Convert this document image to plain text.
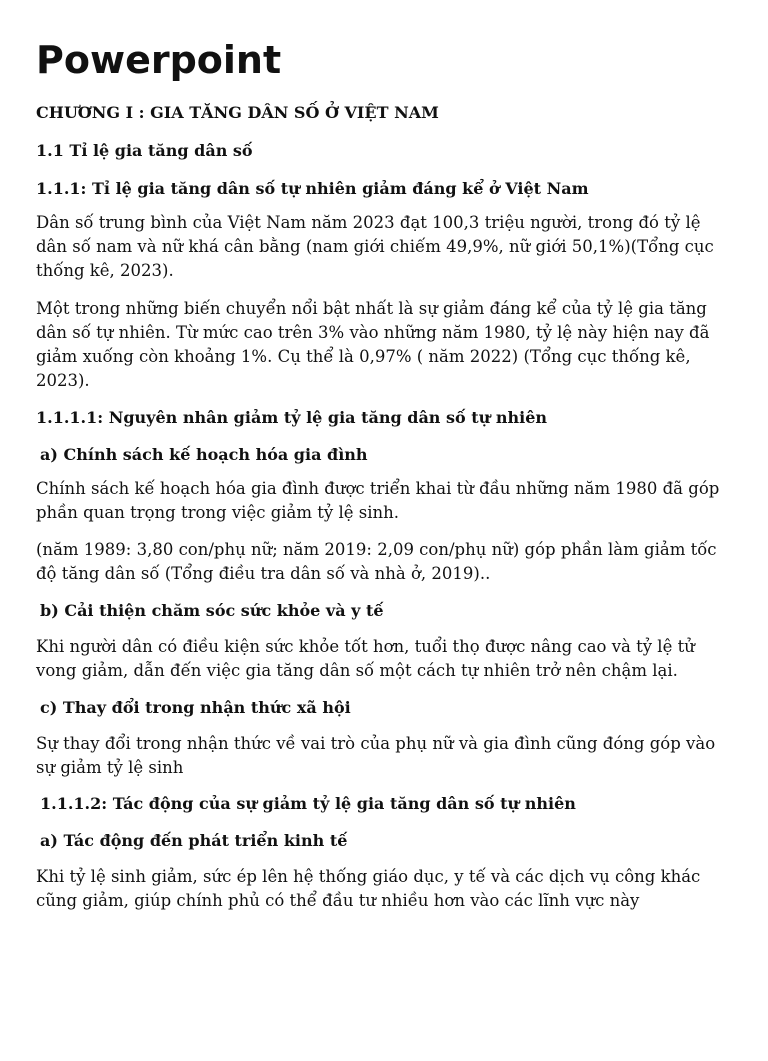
Powerpoint

CHƯƠNG I : GIA TĂNG DÂN SỐ Ở VIỆT NAM

1.1 Tỉ lệ gia tăng dân số

1.1.1: Tỉ lệ gia tăng dân số tự nhiên giảm đáng kể ở Việt Nam

Dân số trung bình của Việt Nam năm 2023 đạt 100,3 triệu người, trong đó tỷ lệ dân số nam và nữ khá cân bằng (nam giới chiếm 49,9%, nữ giới 50,1%)(Tổng cục thống kê, 2023).

Một trong những biến chuyển nổi bật nhất là sự giảm đáng kể của tỷ lệ gia tăng dân số tự nhiên. Từ mức cao trên 3% vào những năm 1980, tỷ lệ này hiện nay đã giảm xuống còn khoảng 1%. Cụ thể là 0,97% ( năm 2022) (Tổng cục thống kê, 2023).

1.1.1.1: Nguyên nhân giảm tỷ lệ gia tăng dân số tự nhiên

a) Chính sách kế hoạch hóa gia đình

Chính sách kế hoạch hóa gia đình được triển khai từ đầu những năm 1980 đã góp phần quan trọng trong việc giảm tỷ lệ sinh.

(năm 1989: 3,80 con/phụ nữ; năm 2019: 2,09 con/phụ nữ) góp phần làm giảm tốc độ tăng dân số (Tổng điều tra dân số và nhà ở, 2019)..

b) Cải thiện chăm sóc sức khỏe và y tế

Khi người dân có điều kiện sức khỏe tốt hơn, tuổi thọ được nâng cao và tỷ lệ tử vong giảm, dẫn đến việc gia tăng dân số một cách tự nhiên trở nên chậm lại.

c) Thay đổi trong nhận thức xã hội

Sự thay đổi trong nhận thức về vai trò của phụ nữ và gia đình cũng đóng góp vào sự giảm tỷ lệ sinh

1.1.1.2: Tác động của sự giảm tỷ lệ gia tăng dân số tự nhiên

a) Tác động đến phát triển kinh tế

Khi tỷ lệ sinh giảm, sức ép lên hệ thống giáo dục, y tế và các dịch vụ công khác cũng giảm, giúp chính phủ có thể đầu tư nhiều hơn vào các lĩnh vực này
